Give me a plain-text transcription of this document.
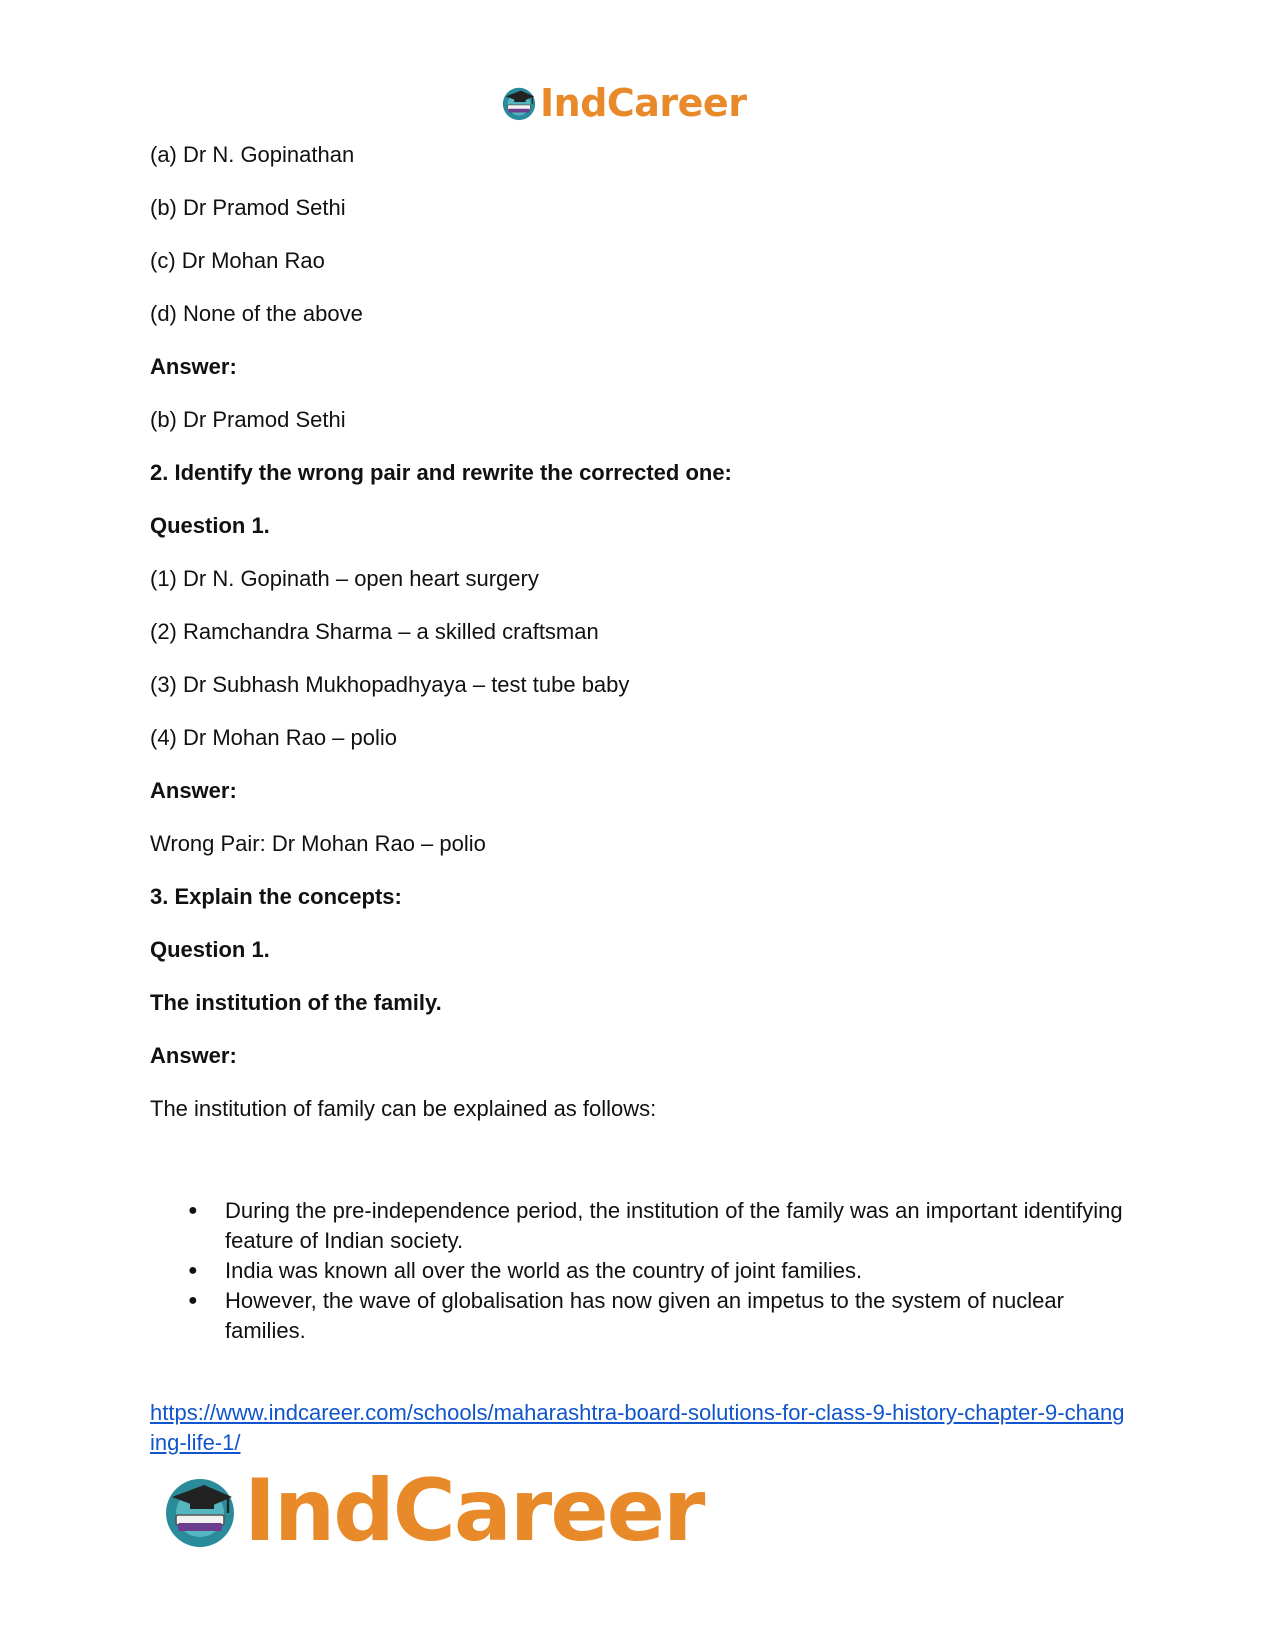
IndCareer
(a) Dr N. Gopinathan
(b) Dr Pramod Sethi
(c) Dr Mohan Rao
(d) None of the above
Answer:
(b) Dr Pramod Sethi
2. Identify the wrong pair and rewrite the corrected one:
Question 1.
(1) Dr N. Gopinath – open heart surgery
(2) Ramchandra Sharma – a skilled craftsman
(3) Dr Subhash Mukhopadhyaya – test tube baby
(4) Dr Mohan Rao – polio
Answer:
Wrong Pair: Dr Mohan Rao – polio
3. Explain the concepts:
Question 1.
The institution of the family.
Answer:
The institution of family can be explained as follows:
● During the pre-independence period, the institution of the family was an important identifying feature of Indian society.
● India was known all over the world as the country of joint families.
● However, the wave of globalisation has now given an impetus to the system of nuclear families.
https://www.indcareer.com/schools/maharashtra-board-solutions-for-class-9-history-chapter-9-changing-life-1/
IndCareer
